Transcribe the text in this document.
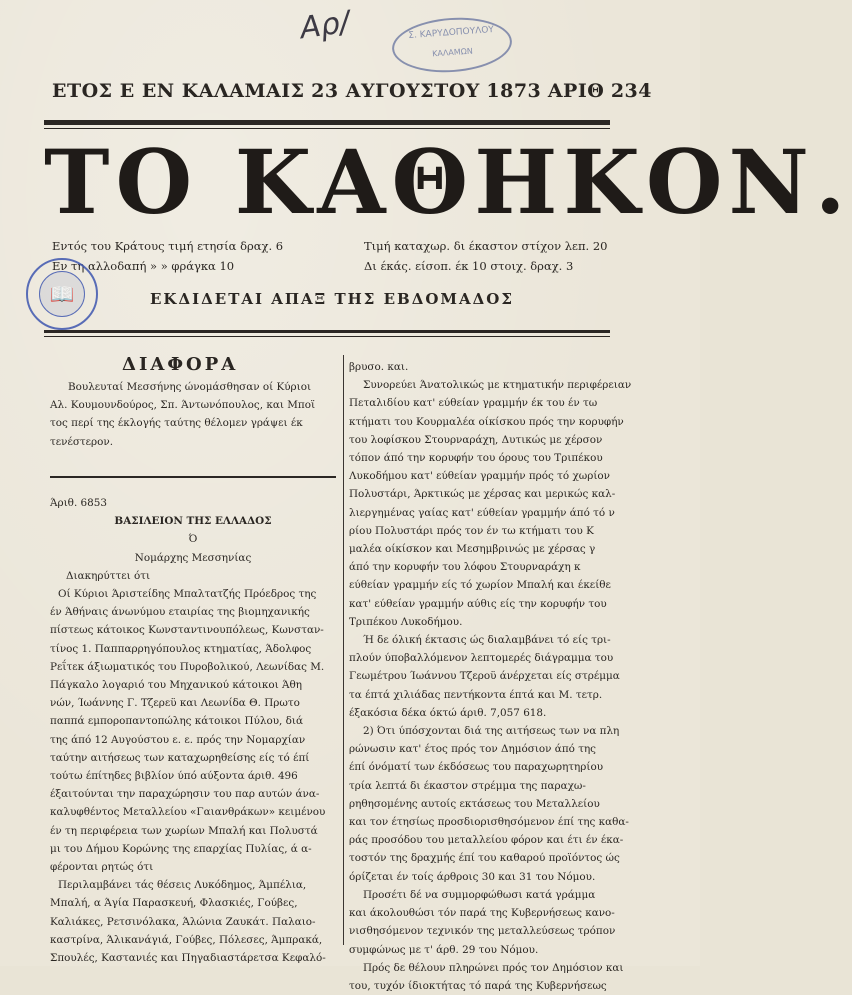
Αρ/	Σ. ΚΑΡΥΔΟΠΟΥΛΟΥ
ΚΑΛΑΜΩΝ
ΕΤΟΣ Ε ΕΝ ΚΑΛΑΜΑΙΣ 23 ΑΥΓΟΥΣΤΟΥ 1873 ΑΡΙΘ 234
ΤΟ ΚΑΘΗΚΟΝ.
Εντός του Κράτους τιμή ετησία δραχ. 6
Εν τη αλλοδαπή » » φράγκα 10
Τιμή καταχωρ. δι έκαστον στίχον λεπ. 20
Δι έκάς. είσοπ. έκ 10 στοιχ. δραχ. 3
📖	ΕΚΔΙΔΕΤΑΙ ΑΠΑΞ ΤΗΣ ΕΒΔΟΜΑΔΟΣ
ΔΙΑΦΟΡΑ
Βουλευταί Μεσσήνης ώνομάσθησαν οί Κύριοι
Αλ. Κουμουνδούρος, Σπ. Άντωνόπουλος, και Μποϊ
τος περί της έκλογής ταύτης θέλομεν γράψει έκ
τενέστερον.
Άριθ. 6853
ΒΑΣΙΛΕΙΟΝ ΤΗΣ ΕΛΛΑΔΟΣ
Ό
Νομάρχης Μεσσηνίας
Διακηρύττει ότι
Οί Κύριοι Άριστείδης Μπαλτατζής Πρόεδρος της
έν Άθήναις άνωνύμου εταιρίας της βιομηχανικής
πίστεως κάτοικος Κωνσταντινουπόλεως, Κωνσταν-
τίνος 1. Παππαρρηγόπουλος κτηματίας, Άδολφος
Ρεΐτεκ άξιωματικός του Πυροβολικού, Λεωνίδας Μ.
Πάγκαλο λογαριό του Μηχανικού κάτοικοι Άθη
νών, Ίωάννης Γ. Τζερεϋ και Λεωνίδα Θ. Πρωτο
παππά εμποροπαντοπώλης κάτοικοι Πύλου, διά
της άπό 12 Αυγούστου ε. ε. πρός την Νομαρχίαν
ταύτην αιτήσεως των καταχωρηθείσης είς τό έπί
τούτω έπίτηδες βιβλίον ύπό αύξοντα άριθ. 496
έξαιτούνται την παραχώρησιν του παρ αυτών άνα-
καλυφθέντος Μεταλλείου «Γαιανθράκων» κειμένου
έν τη περιφέρεια των χωρίων Μπαλή και Πολυστά
μι του Δήμου Κορώνης της επαρχίας Πυλίας, ά α-
φέρονται ρητώς ότι
Περιλαμβάνει τάς θέσεις Λυκόδημος, Άμπέλια,
Μπαλή, α Άγία Παρασκευή, Φλασκιές, Γούβες,
Καλιάκες, Ρετσινόλακα, Άλώνια Ζαυκάτ. Παλαιο-
καστρίνα, Άλικανάγιά, Γούβες, Πόλεσες, Άμπρακά,
Σπουλές, Καστανιές και Πηγαδιαστάρετσα Κεφαλό-
βρυσο. και.
Συνορεύει Άνατολικώς με κτηματικήν περιφέρειαν
Πεταλιδίου κατ' εύθείαν γραμμήν έκ του έν τω
κτήματι του Κουρμαλέα οίκίσκου πρός την κορυφήν
του λοφίσκου Στουρναράχη, Δυτικώς με χέρσον
τόπον άπό την κορυφήν του όρους του Τριπέκου
Λυκοδήμου κατ' εύθείαν γραμμήν πρός τό χωρίον
Πολυστάρι, Άρκτικώς με χέρσας και μερικώς καλ-
λιεργημένας γαίας κατ' εύθείαν γραμμήν άπό τό ν
ρίου Πολυστάρι πρός τον έν τω κτήματι του Κ
μαλέα οίκίσκον και Μεσημβρινώς με χέρσας γ
άπό την κορυφήν του λόφου Στουρναράχη κ
εύθείαν γραμμήν είς τό χωρίον Μπαλή και έκείθε
κατ' εύθείαν γραμμήν αύθις είς την κορυφήν του
Τριπέκου Λυκοδήμου.
Ή δε όλική έκτασις ώς διαλαμβάνει τό είς τρι-
πλούν ύποβαλλόμενον λεπτομερές διάγραμμα του
Γεωμέτρου Ίωάννου Τζεροϋ άνέρχεται είς στρέμμα
τα έπτά χιλιάδας πεντήκοντα έπτά και Μ. τετρ.
έξακόσια δέκα όκτώ άριθ. 7,057 618.
2) Ότι ύπόσχονται διά της αιτήσεως των να πλη
ρώνωσιν κατ' έτος πρός τον Δημόσιον άπό της
έπί όνόματί των έκδόσεως του παραχωρητηρίου
τρία λεπτά δι έκαστον στρέμμα της παραχω-
ρηθησομένης αυτοίς εκτάσεως του Μεταλλείου
και τον έτησίως προσδιορισθησόμενον έπί της καθα-
ράς προσόδου του μεταλλείου φόρον και έτι έν έκα-
τοστόν της δραχμής έπί του καθαρού προϊόντος ώς
όρίζεται έν τοίς άρθροις 30 και 31 του Νόμου.
Προσέτι δέ να συμμορφώθωσι κατά γράμμα
και άκολουθώσι τόν παρά της Κυβερνήσεως κανο-
νισθησόμενον τεχνικόν της μεταλλεύσεως τρόπον
συμφώνως με τ' άρθ. 29 του Νόμου.
Πρός δε θέλουν πληρώνει πρός τον Δημόσιον και
του, τυχόν ίδιοκτήτας τό παρά της Κυβερνήσεως
